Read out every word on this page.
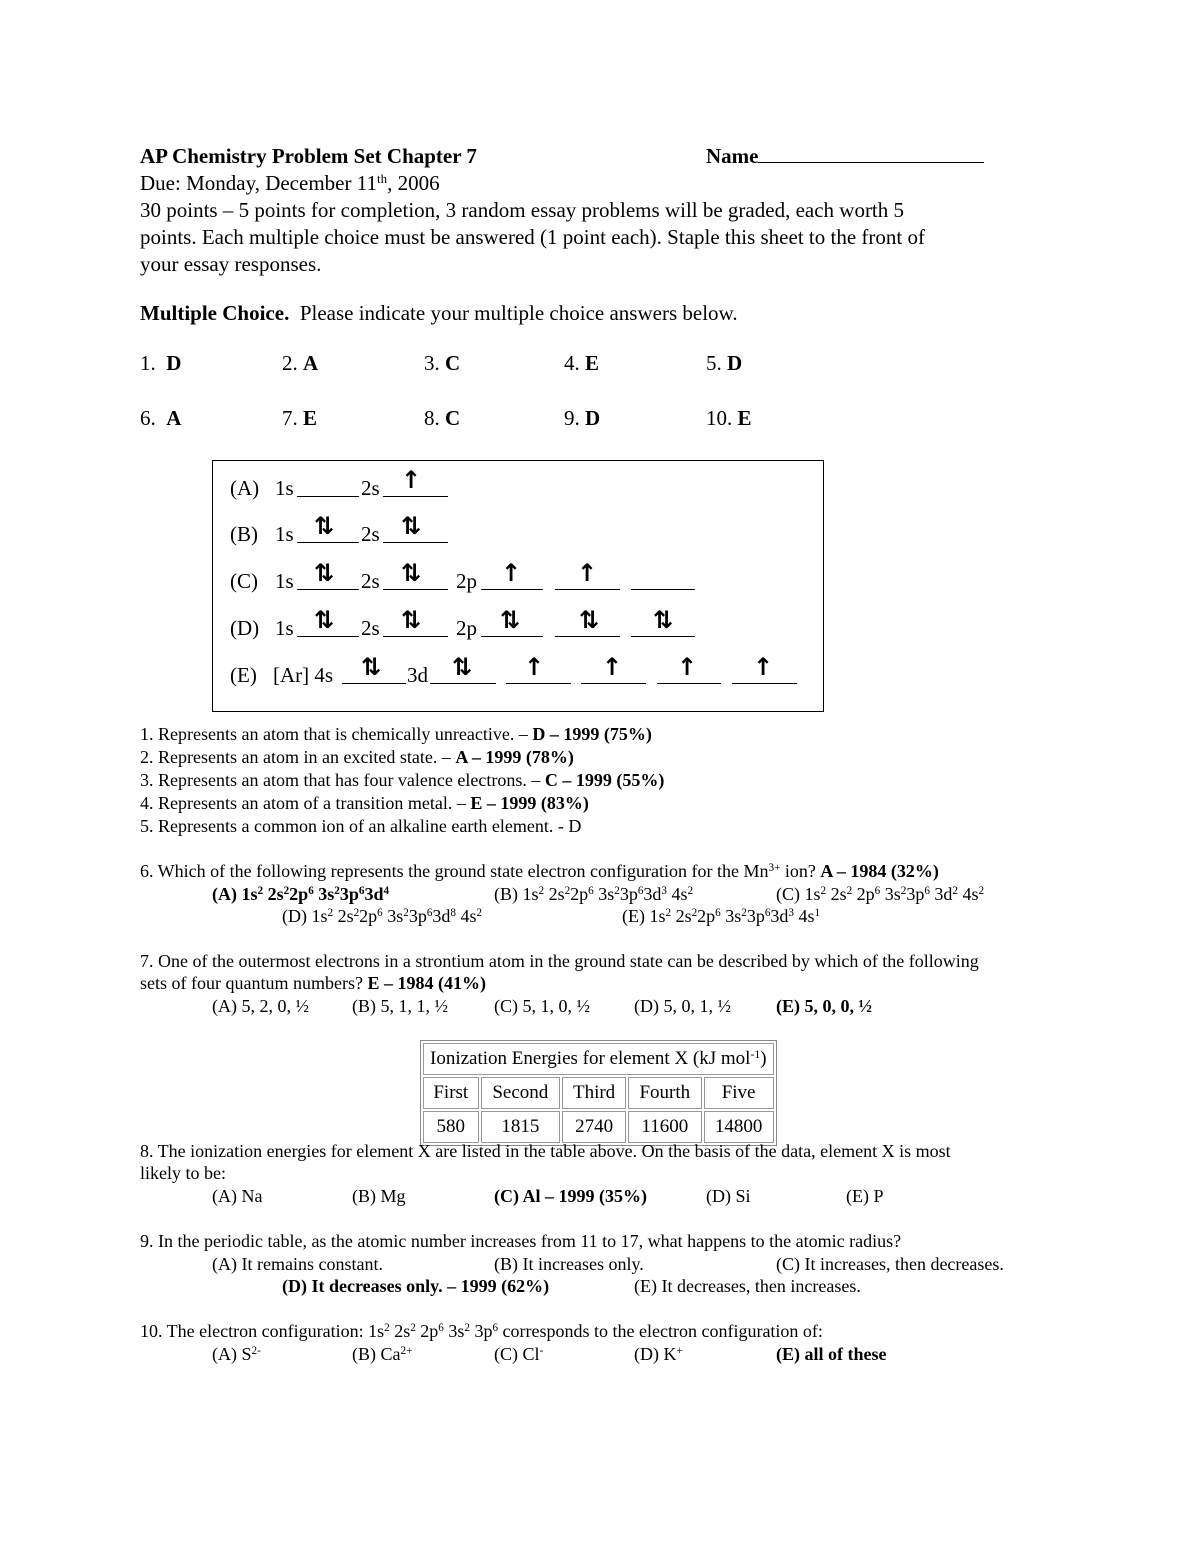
AP Chemistry Problem Set Chapter 7	Name
Due: Monday, December 11th, 2006
30 points – 5 points for completion, 3 random essay problems will be graded, each worth 5
points. Each multiple choice must be answered (1 point each). Staple this sheet to the front of
your essay responses.
Multiple Choice. Please indicate your multiple choice answers below.
1. D	2. A	3. C	4. E	5. D
6. A	7. E	8. C	9. D	10. E
(A) 1s	2s ↑
(B) 1s ⇅ 2s ⇅
(C) 1s ⇅ 2s ⇅ 2p ↑ ↑
(D) 1s ⇅ 2s ⇅ 2p ⇅ ⇅ ⇅
(E) [Ar] 4s ⇅ 3d ⇅ ↑ ↑ ↑ ↑
1. Represents an atom that is chemically unreactive. – D – 1999 (75%)
2. Represents an atom in an excited state. – A – 1999 (78%)
3. Represents an atom that has four valence electrons. – C – 1999 (55%)
4. Represents an atom of a transition metal. – E – 1999 (83%)
5. Represents a common ion of an alkaline earth element. - D
6. Which of the following represents the ground state electron configuration for the $Mn^{3+}$ ion? A – 1984 (32%)
(A) $1s^2$ $2s^22p^6$ $3s^23p^63d^4$	(B) $1s^2$ $2s^22p^6$ $3s^23p^63d^3$ $4s^2$	(C) $1s^2$ $2s^2$ $2p^6$ $3s^23p^6$ $3d^2$ $4s^2$
(D) $1s^2$ $2s^22p^6$ $3s^23p^63d^8$ $4s^2$	(E) $1s^2$ $2s^22p^6$ $3s^23p^63d^3$ $4s^1$
7. One of the outermost electrons in a strontium atom in the ground state can be described by which of the following
sets of four quantum numbers? E – 1984 (41%)
(A) 5, 2, 0, ½ (B) 5, 1, 1, ½	(C) 5, 1, 0, ½ (D) 5, 0, 1, ½	(E) 5, 0, 0, ½
Ionization Energies for element X (kJ mol$^{-1}$)				
First	Second	Third	Fourth	Five
580	1815	2740	11600	14800
8. The ionization energies for element X are listed in the table above. On the basis of the data, element X is most
likely to be:
(A) Na	(B) Mg	(C) Al – 1999 (35%)	(D) Si	(E) P
9. In the periodic table, as the atomic number increases from 11 to 17, what happens to the atomic radius?
(A) It remains constant.	(B) It increases only.	(C) It increases, then decreases.
(D) It decreases only. – 1999 (62%)	(E) It decreases, then increases.
10. The electron configuration: $1s^2$ $2s^2$ $2p^6$ $3s^2$ $3p^6$ corresponds to the electron configuration of:
(A) $S^{2-}$	(B) $Ca^{2+}$	(C) Cl-	(D) K+	(E) all of these
